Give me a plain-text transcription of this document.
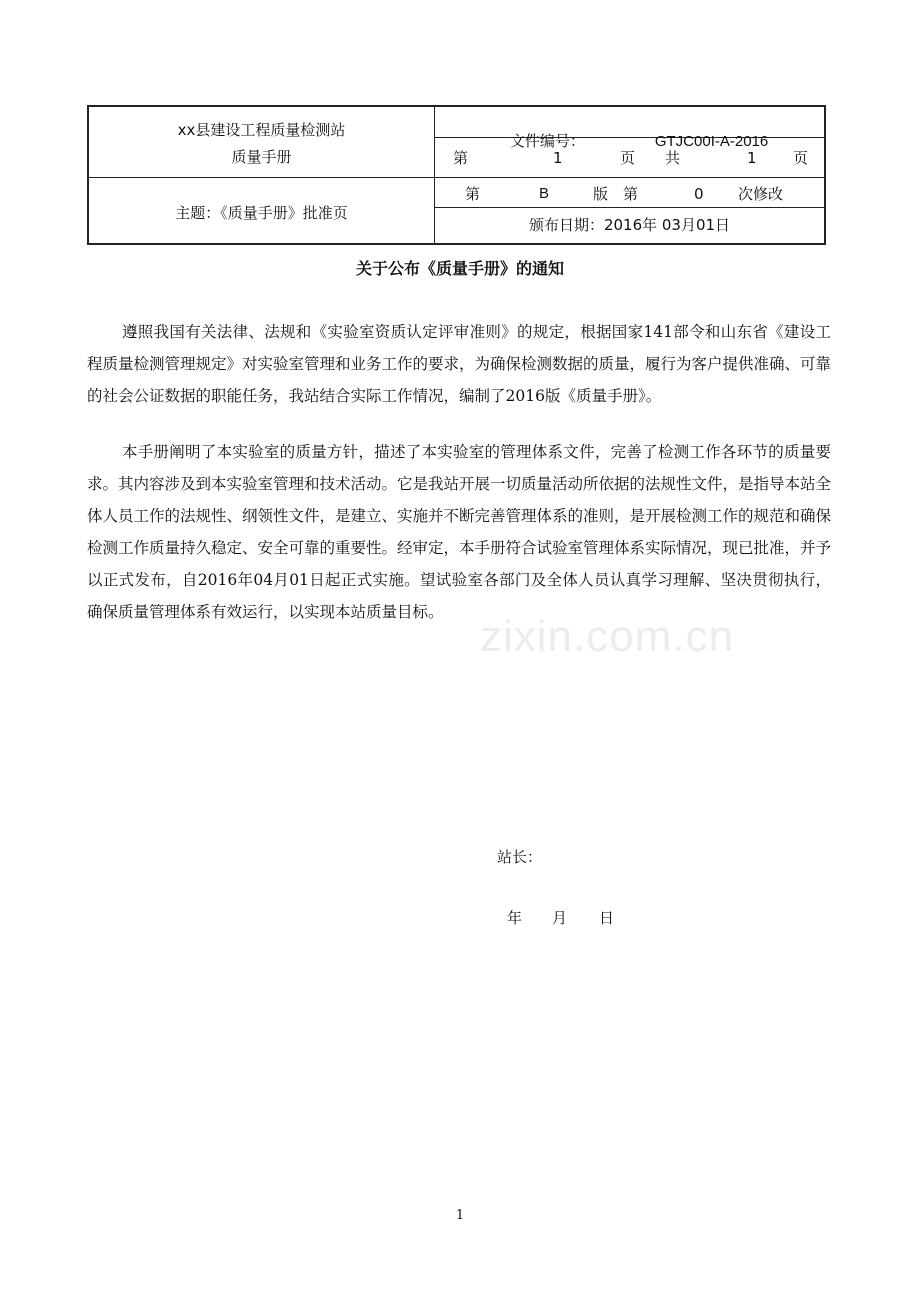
xx县建设工程质量检测站
质量手册
主题：《质量手册》批准页

文件编号：	GTJC00I-A-2016

第	1	页 共	1 页
第	B	版 第	0 次修改
颁布日期：2016年 03月01日
关于公布《质量手册》的通知

遵照我国有关法律、法规和《实验室资质认定评审准则》的规定，根据国家141部令和山东省《建设工程质量检测管理规定》对实验室管理和业务工作的要求，为确保检测数据的质量，履行为客户提供准确、可靠的社会公证数据的职能任务，我站结合实际工作情况，编制了2016版《质量手册》。

本手册阐明了本实验室的质量方针，描述了本实验室的管理体系文件，完善了检测工作各环节的质量要求。其内容涉及到本实验室管理和技术活动。它是我站开展一切质量活动所依据的法规性文件，是指导本站全体人员工作的法规性、纲领性文件，是建立、实施并不断完善管理体系的准则，是开展检测工作的规范和确保检测工作质量持久稳定、安全可靠的重要性。经审定，本手册符合试验室管理体系实际情况，现已批准，并予以正式发布，自2016年04月01日起正式实施。望试验室各部门及全体人员认真学习理解、坚决贯彻执行，确保质量管理体系有效运行，以实现本站质量目标。 zixin.com.cn
站长：
年 月 日
1
